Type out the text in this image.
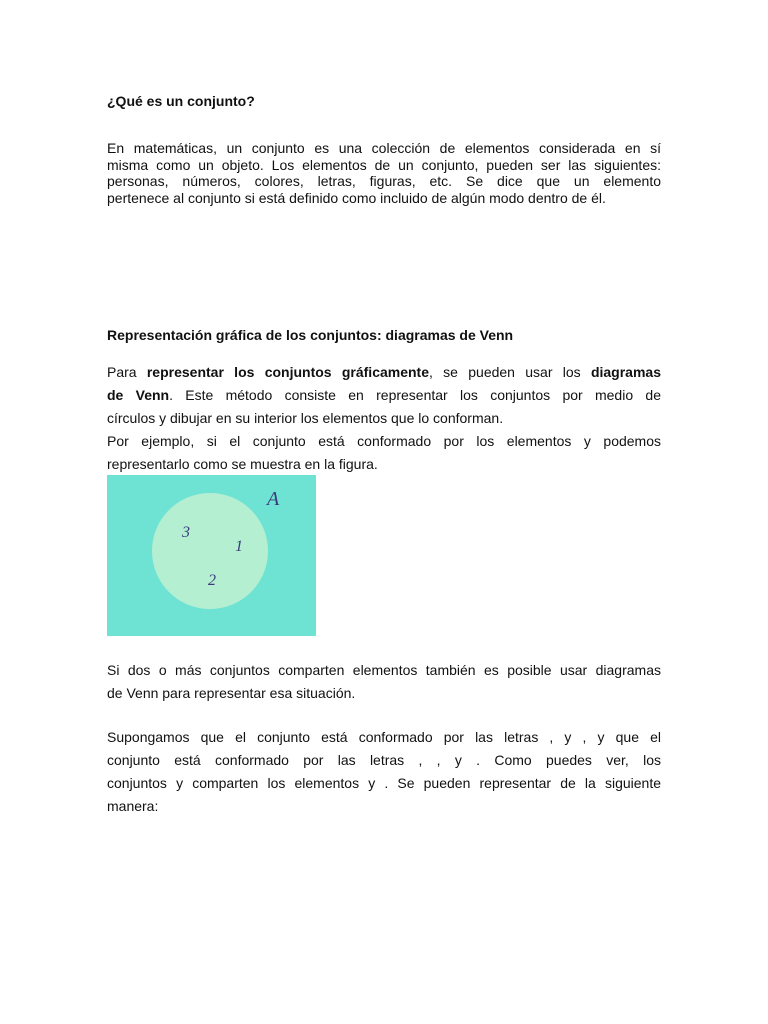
¿Qué es un conjunto?

En matemáticas, un conjunto es una colección de elementos considerada en sí
misma como un objeto. Los elementos de un conjunto, pueden ser las siguientes:
personas, números, colores, letras, figuras, etc. Se dice que un elemento
pertenece al conjunto si está definido como incluido de algún modo dentro de él.

Representación gráfica de los conjuntos: diagramas de Venn

Para representar los conjuntos gráficamente, se pueden usar los diagramas
de Venn. Este método consiste en representar los conjuntos por medio de
círculos y dibujar en su interior los elementos que lo conforman.
Por ejemplo, si el conjunto está conformado por los elementos y podemos
representarlo como se muestra en la figura.

A
3
1
2

Si dos o más conjuntos comparten elementos también es posible usar diagramas
de Venn para representar esa situación.

Supongamos que el conjunto está conformado por las letras , y , y que el
conjunto está conformado por las letras , , y . Como puedes ver, los
conjuntos y comparten los elementos y . Se pueden representar de la siguiente
manera:
